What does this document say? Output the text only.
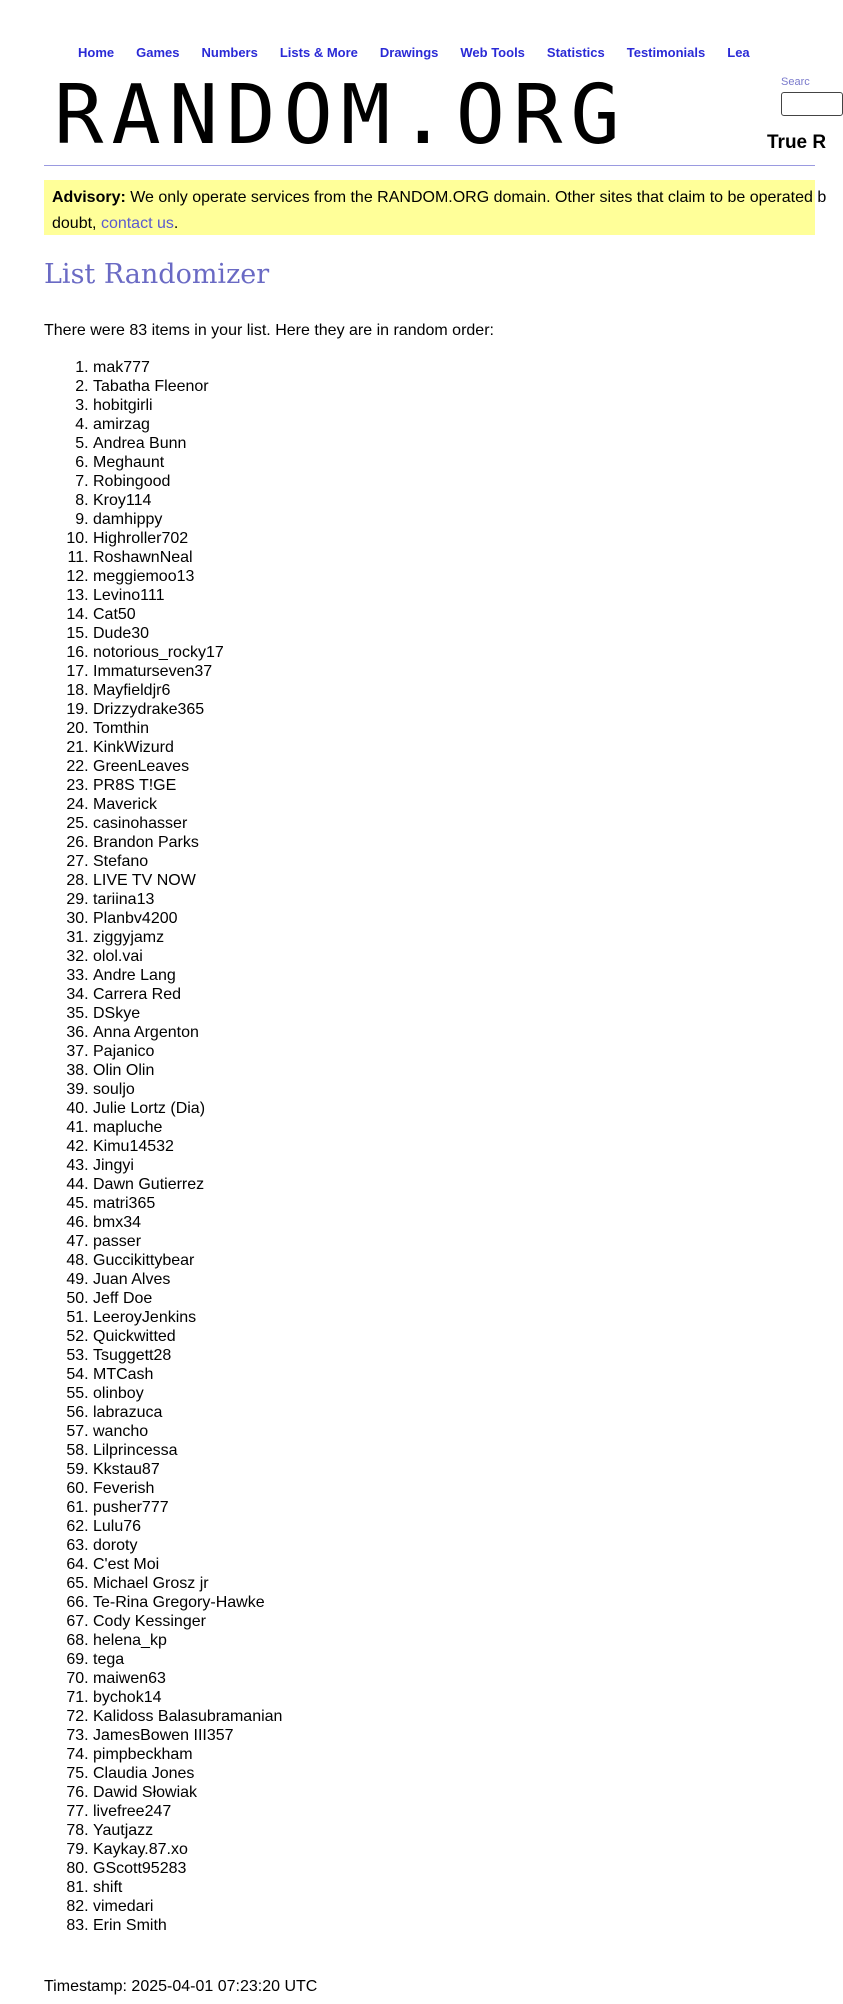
Home Games Numbers Lists & More Drawings Web Tools Statistics Testimonials Lea
RANDOM.ORG	Searc
True R
Advisory: We only operate services from the RANDOM.ORG domain. Other sites that claim to be operated b
doubt, contact us.
List Randomizer

There were 83 items in your list. Here they are in random order:

1. mak777
2. Tabatha Fleenor
3. hobitgirli
4. amirzag
5. Andrea Bunn
6. Meghaunt
7. Robingood
8. Kroy114
9. damhippy
10. Highroller702
11. RoshawnNeal
12. meggiemoo13
13. Levino111
14. Cat50
15. Dude30
16. notorious_rocky17
17. Immaturseven37
18. Mayfieldjr6
19. Drizzydrake365
20. Tomthin
21. KinkWizurd
22. GreenLeaves
23. PR8S T!GE
24. Maverick
25. casinohasser
26. Brandon Parks
27. Stefano
28. LIVE TV NOW
29. tariina13
30. Planbv4200
31. ziggyjamz
32. olol.vai
33. Andre Lang
34. Carrera Red
35. DSkye
36. Anna Argenton
37. Pajanico
38. Olin Olin
39. souljo
40. Julie Lortz (Dia)
41. mapluche
42. Kimu14532
43. Jingyi
44. Dawn Gutierrez
45. matri365
46. bmx34
47. passer
48. Guccikittybear
49. Juan Alves
50. Jeff Doe
51. LeeroyJenkins
52. Quickwitted
53. Tsuggett28
54. MTCash
55. olinboy
56. labrazuca
57. wancho
58. Lilprincessa
59. Kkstau87
60. Feverish
61. pusher777
62. Lulu76
63. doroty
64. C'est Moi
65. Michael Grosz jr
66. Te-Rina Gregory-Hawke
67. Cody Kessinger
68. helena_kp
69. tega
70. maiwen63
71. bychok14
72. Kalidoss Balasubramanian
73. JamesBowen III357
74. pimpbeckham
75. Claudia Jones
76. Dawid Słowiak
77. livefree247
78. Yautjazz
79. Kaykay.87.xo
80. GScott95283
81. shift
82. vimedari
83. Erin Smith
Timestamp: 2025-04-01 07:23:20 UTC
